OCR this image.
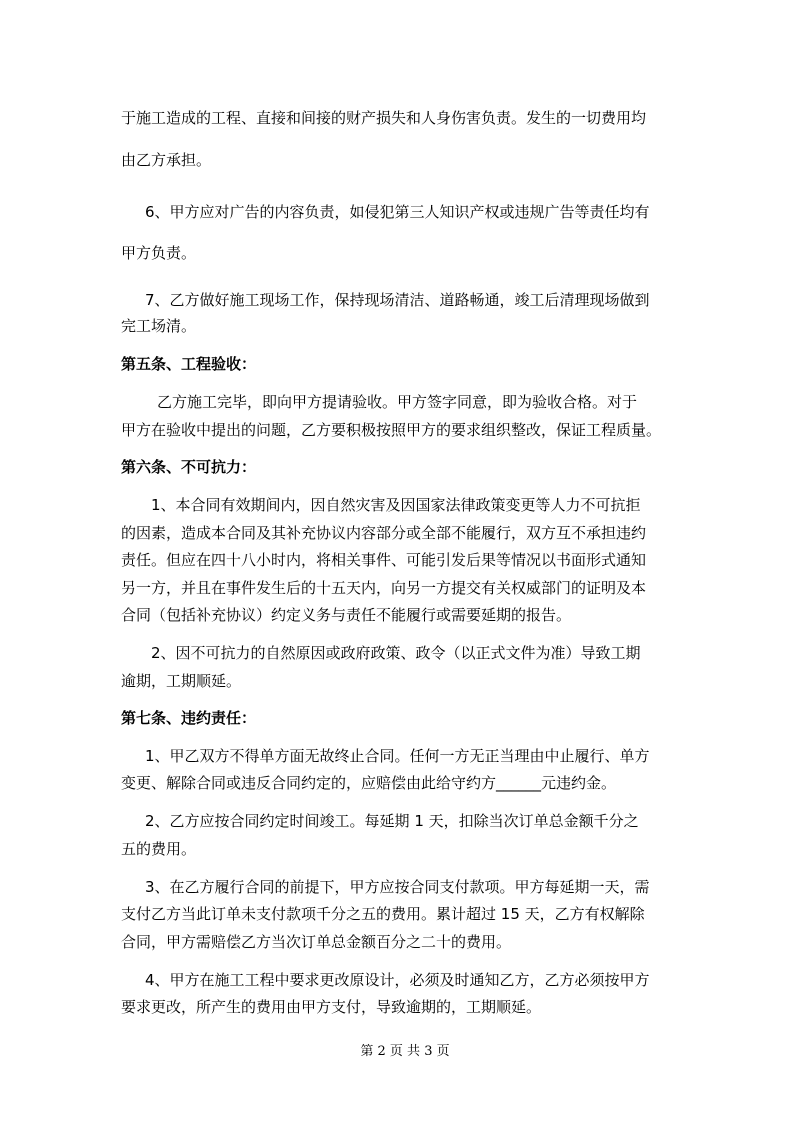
于施工造成的工程、直接和间接的财产损失和人身伤害负责。发生的一切费用均
由乙方承担。
6、甲方应对广告的内容负责，如侵犯第三人知识产权或违规广告等责任均有
甲方负责。
7、乙方做好施工现场工作，保持现场清洁、道路畅通，竣工后清理现场做到
完工场清。
第五条、工程验收：
乙方施工完毕，即向甲方提请验收。甲方签字同意，即为验收合格。对于
甲方在验收中提出的问题，乙方要积极按照甲方的要求组织整改，保证工程质量。
第六条、不可抗力：
1、本合同有效期间内，因自然灾害及因国家法律政策变更等人力不可抗拒
的因素，造成本合同及其补充协议内容部分或全部不能履行，双方互不承担违约
责任。但应在四十八小时内，将相关事件、可能引发后果等情况以书面形式通知
另一方，并且在事件发生后的十五天内，向另一方提交有关权威部门的证明及本
合同（包括补充协议）约定义务与责任不能履行或需要延期的报告。
2、因不可抗力的自然原因或政府政策、政令（以正式文件为准）导致工期
逾期，工期顺延。
第七条、违约责任：
1、甲乙双方不得单方面无故终止合同。任何一方无正当理由中止履行、单方
变更、解除合同或违反合同约定的，应赔偿由此给守约方______元违约金。
2、乙方应按合同约定时间竣工。每延期 1 天，扣除当次订单总金额千分之
五的费用。
3、在乙方履行合同的前提下，甲方应按合同支付款项。甲方每延期一天，需
支付乙方当此订单未支付款项千分之五的费用。累计超过 15 天，乙方有权解除
合同，甲方需赔偿乙方当次订单总金额百分之二十的费用。
4、甲方在施工工程中要求更改原设计，必须及时通知乙方，乙方必须按甲方
要求更改，所产生的费用由甲方支付，导致逾期的，工期顺延。
第 2 页 共 3 页
